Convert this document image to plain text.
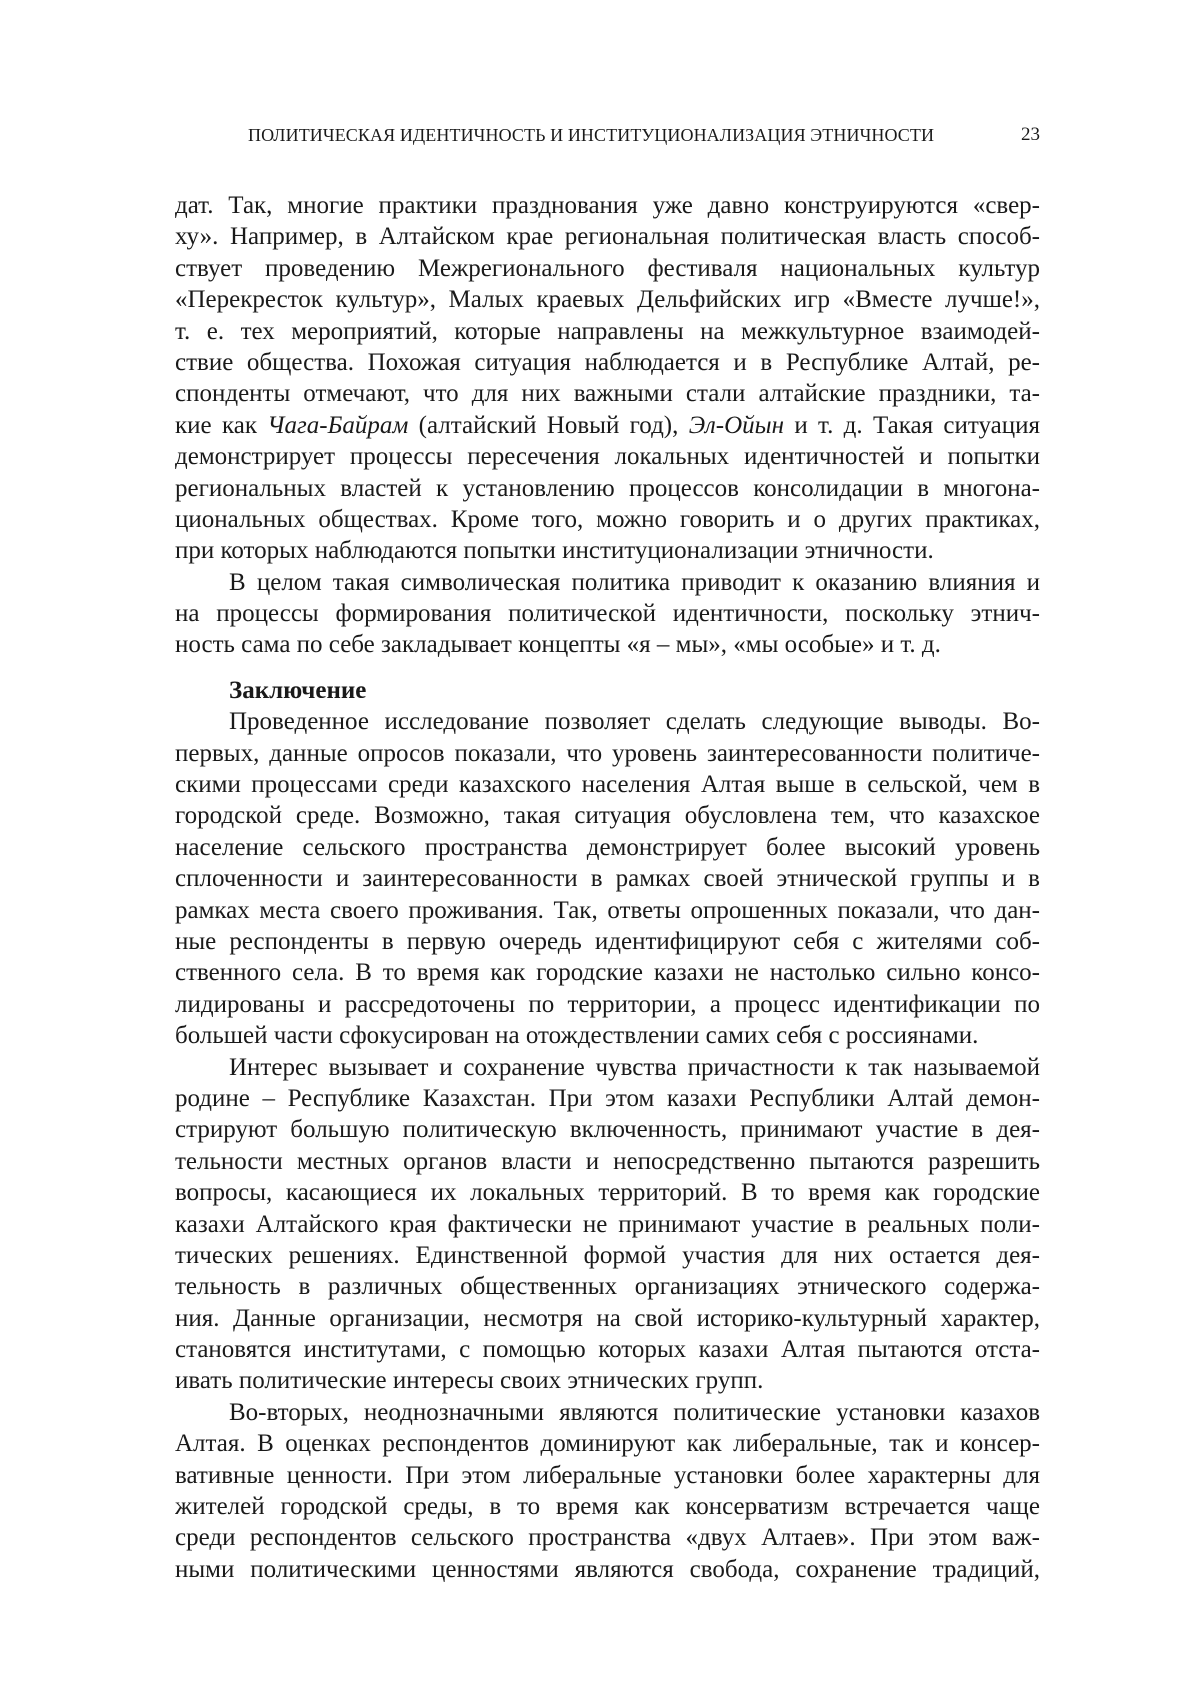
ПОЛИТИЧЕСКАЯ ИДЕНТИЧНОСТЬ И ИНСТИТУЦИОНАЛИЗАЦИЯ ЭТНИЧНОСТИ	23
дат. Так, многие практики празднования уже давно конструируются «свер-
ху». Например, в Алтайском крае региональная политическая власть способ-
ствует проведению Межрегионального фестиваля национальных культур
«Перекресток культур», Малых краевых Дельфийских игр «Вместе лучше!»,
т. е. тех мероприятий, которые направлены на межкультурное взаимодей-
ствие общества. Похожая ситуация наблюдается и в Республике Алтай, ре-
спонденты отмечают, что для них важными стали алтайские праздники, та-
кие как Чага-Байрам (алтайский Новый год), Эл-Ойын и т. д. Такая ситуация
демонстрирует процессы пересечения локальных идентичностей и попытки
региональных властей к установлению процессов консолидации в многона-
циональных обществах. Кроме того, можно говорить и о других практиках,
при которых наблюдаются попытки институционализации этничности.
В целом такая символическая политика приводит к оказанию влияния и
на процессы формирования политической идентичности, поскольку этнич-
ность сама по себе закладывает концепты «я – мы», «мы особые» и т. д.
Заключение
Проведенное исследование позволяет сделать следующие выводы. Во-
первых, данные опросов показали, что уровень заинтересованности политиче-
скими процессами среди казахского населения Алтая выше в сельской, чем в
городской среде. Возможно, такая ситуация обусловлена тем, что казахское
население сельского пространства демонстрирует более высокий уровень
сплоченности и заинтересованности в рамках своей этнической группы и в
рамках места своего проживания. Так, ответы опрошенных показали, что дан-
ные респонденты в первую очередь идентифицируют себя с жителями соб-
ственного села. В то время как городские казахи не настолько сильно консо-
лидированы и рассредоточены по территории, а процесс идентификации по
большей части сфокусирован на отождествлении самих себя с россиянами.
Интерес вызывает и сохранение чувства причастности к так называемой
родине – Республике Казахстан. При этом казахи Республики Алтай демон-
стрируют большую политическую включенность, принимают участие в дея-
тельности местных органов власти и непосредственно пытаются разрешить
вопросы, касающиеся их локальных территорий. В то время как городские
казахи Алтайского края фактически не принимают участие в реальных поли-
тических решениях. Единственной формой участия для них остается дея-
тельность в различных общественных организациях этнического содержа-
ния. Данные организации, несмотря на свой историко-культурный характер,
становятся институтами, с помощью которых казахи Алтая пытаются отста-
ивать политические интересы своих этнических групп.
Во-вторых, неоднозначными являются политические установки казахов
Алтая. В оценках респондентов доминируют как либеральные, так и консер-
вативные ценности. При этом либеральные установки более характерны для
жителей городской среды, в то время как консерватизм встречается чаще
среди респондентов сельского пространства «двух Алтаев». При этом важ-
ными политическими ценностями являются свобода, сохранение традиций,
